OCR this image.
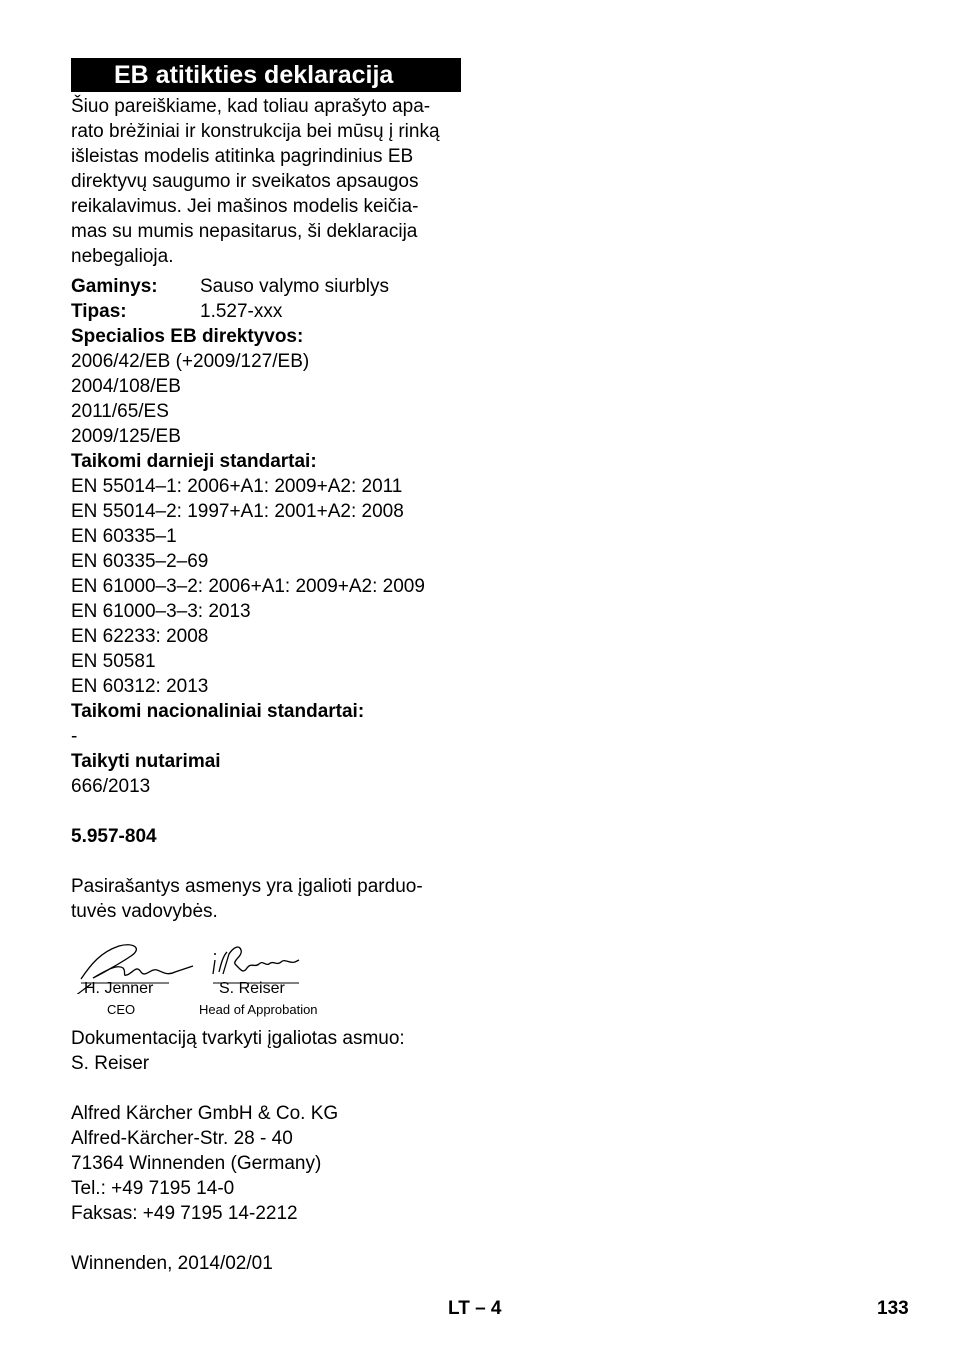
EB atitikties deklaracija

Šiuo pareiškiame, kad toliau aprašyto apa-

rato brėžiniai ir konstrukcija bei mūsų į rinką

išleistas modelis atitinka pagrindinius EB

direktyvų saugumo ir sveikatos apsaugos

reikalavimus. Jei mašinos modelis keičia-

mas su mumis nepasitarus, ši deklaracija

nebegalioja.

Gaminys:	Sauso valymo siurblys
Tipas:	1.527-xxx

Specialios EB direktyvos:

2006/42/EB (+2009/127/EB)

2004/108/EB

2011/65/ES

2009/125/EB

Taikomi darnieji standartai:

EN 55014–1: 2006+A1: 2009+A2: 2011

EN 55014–2: 1997+A1: 2001+A2: 2008

EN 60335–1

EN 60335–2–69

EN 61000–3–2: 2006+A1: 2009+A2: 2009

EN 61000–3–3: 2013

EN 62233: 2008

EN 50581

EN 60312: 2013

Taikomi nacionaliniai standartai:

-

Taikyti nutarimai

666/2013

5.957-804

Pasirašantys asmenys yra įgalioti parduo-

tuvės vadovybės.

H. Jenner
CEO
S. Reiser
Head of Approbation

Dokumentaciją tvarkyti įgaliotas asmuo:

S. Reiser

Alfred Kärcher GmbH & Co. KG

Alfred-Kärcher-Str. 28 - 40

71364 Winnenden (Germany)

Tel.: +49 7195 14-0

Faksas: +49 7195 14-2212

Winnenden, 2014/02/01

LT – 4	133
